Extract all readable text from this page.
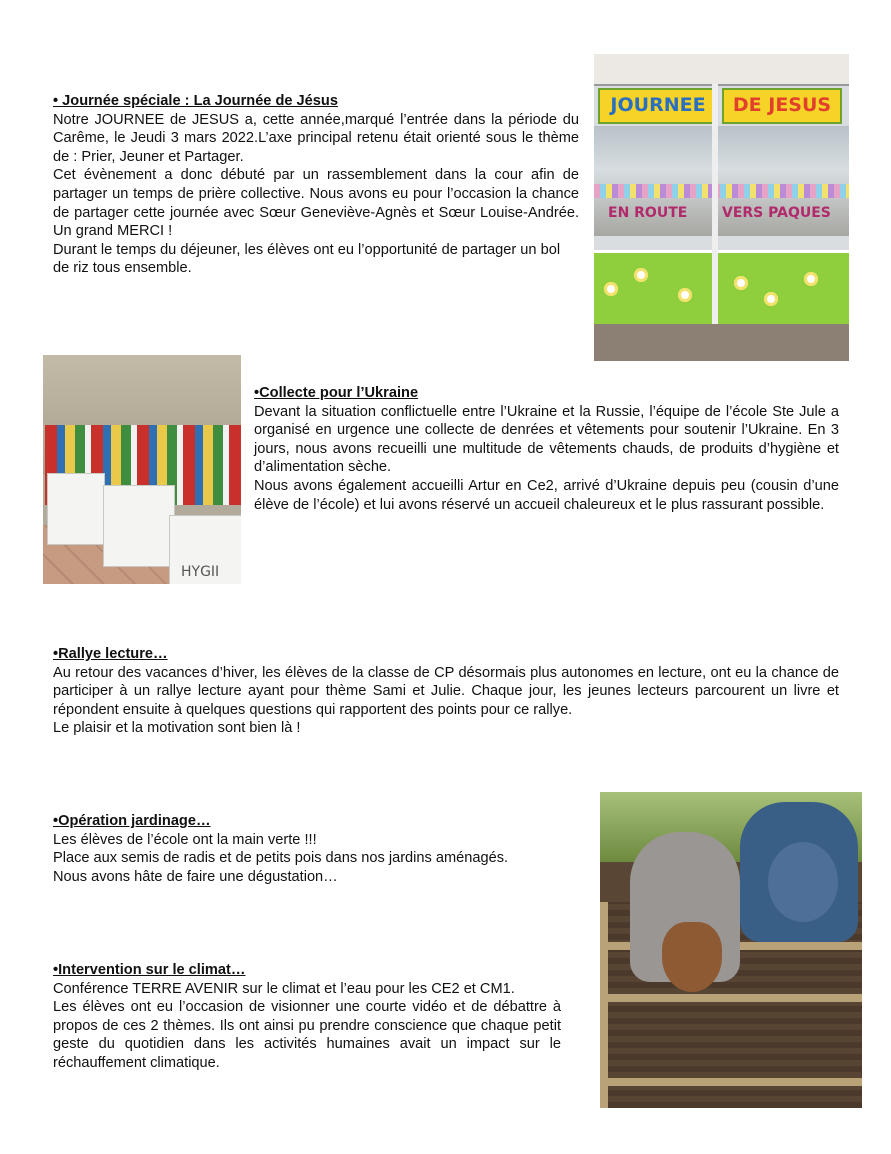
• Journée spéciale : La Journée de Jésus

Notre JOURNEE de JESUS a, cette année,marqué l’entrée dans la période du Carême, le Jeudi 3 mars 2022.L’axe principal retenu était orienté sous le thème de : Prier, Jeuner et Partager.

Cet évènement a donc débuté par un rassemblement dans la cour afin de partager un temps de prière collective. Nous avons eu pour l’occasion la chance de partager cette journée avec Sœur Geneviève-Agnès et Sœur Louise-Andrée. Un grand MERCI !

Durant le temps du déjeuner, les élèves ont eu l’opportunité de partager un bol de riz tous ensemble.

JOURNEE	DE JESUS
EN ROUTE VERS PAQUES
HYGII
•Collecte pour l’Ukraine

Devant la situation conflictuelle entre l’Ukraine et la Russie, l’équipe de l’école Ste Jule a organisé en urgence une collecte de denrées et vêtements pour soutenir l’Ukraine. En 3 jours, nous avons recueilli une multitude de vêtements chauds, de produits d’hygiène et d’alimentation sèche.

Nous avons également accueilli Artur en Ce2, arrivé d’Ukraine depuis peu (cousin d’une élève de l’école) et lui avons réservé un accueil chaleureux et le plus rassurant possible.

•Rallye lecture…

Au retour des vacances d’hiver, les élèves de la classe de CP désormais plus autonomes en lecture, ont eu la chance de participer à un rallye lecture ayant pour thème Sami et Julie. Chaque jour, les jeunes lecteurs parcourent un livre et répondent ensuite à quelques questions qui rapportent des points pour ce rallye.

Le plaisir et la motivation sont bien là !

•Opération jardinage…

Les élèves de l’école ont la main verte !!!

Place aux semis de radis et de petits pois dans nos jardins aménagés.

Nous avons hâte de faire une dégustation…

•Intervention sur le climat…

Conférence TERRE AVENIR sur le climat et l’eau pour les CE2 et CM1.

Les élèves ont eu l’occasion de visionner une courte vidéo et de débattre à propos de ces 2 thèmes. Ils ont ainsi pu prendre conscience que chaque petit geste du quotidien dans les activités humaines avait un impact sur le réchauffement climatique.
